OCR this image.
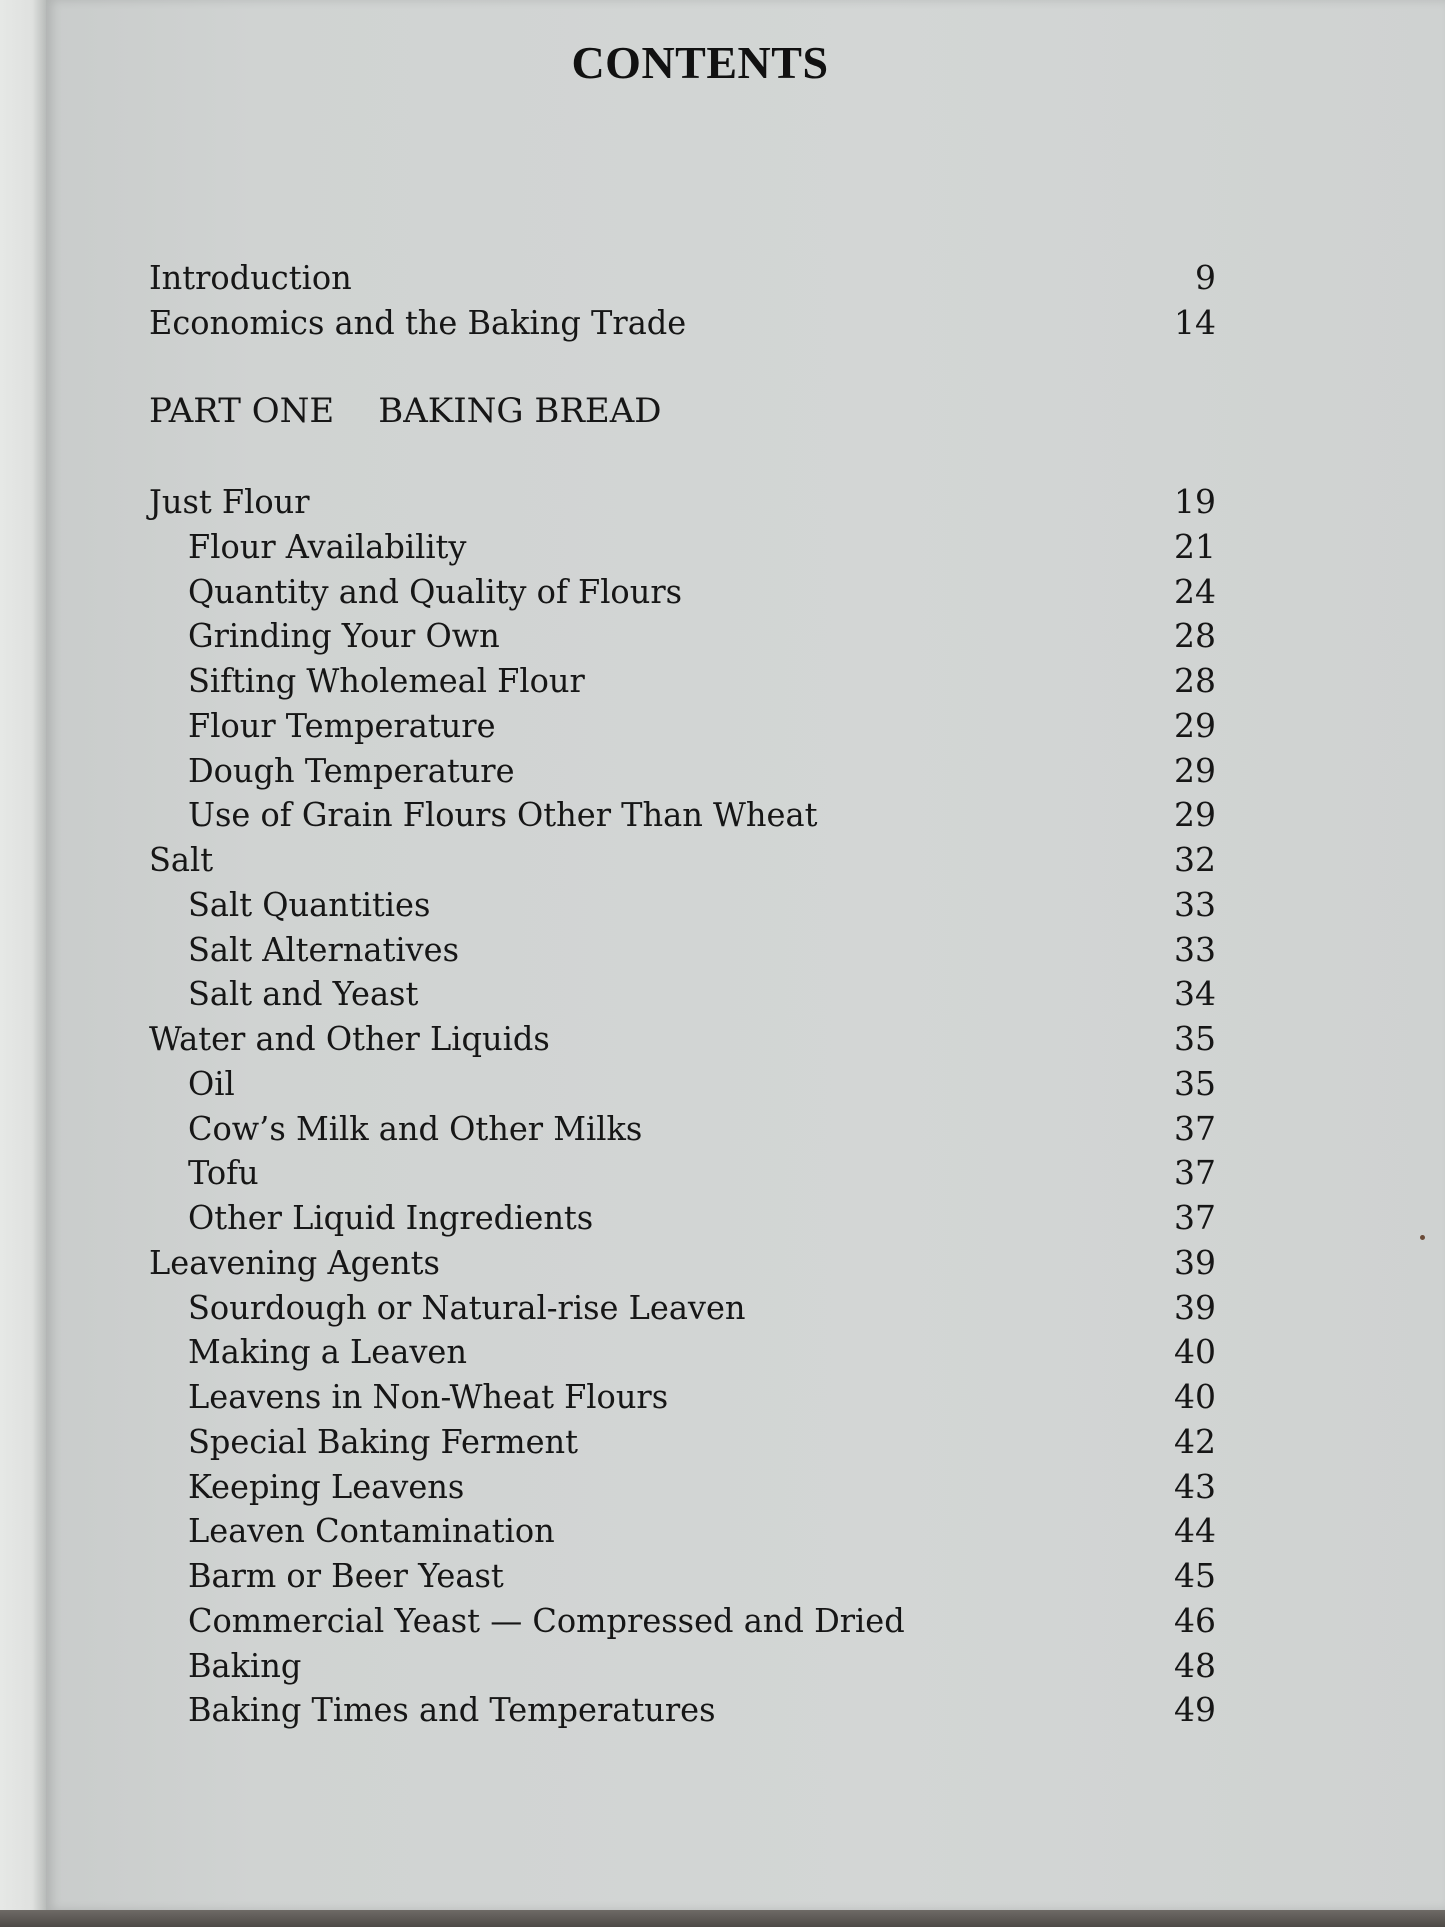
CONTENTS
Introduction	9
Economics and the Baking Trade	14
PART ONE BAKING BREAD
Just Flour	19
Flour Availability	21
Quantity and Quality of Flours	24
Grinding Your Own	28
Sifting Wholemeal Flour	28
Flour Temperature	29
Dough Temperature	29
Use of Grain Flours Other Than Wheat	29
Salt	32
Salt Quantities	33
Salt Alternatives	33
Salt and Yeast	34
Water and Other Liquids	35
Oil	35
Cow’s Milk and Other Milks	37
Tofu	37
Other Liquid Ingredients	37
Leavening Agents	39
Sourdough or Natural-rise Leaven	39
Making a Leaven	40
Leavens in Non-Wheat Flours	40
Special Baking Ferment	42
Keeping Leavens	43
Leaven Contamination	44
Barm or Beer Yeast	45
Commercial Yeast — Compressed and Dried	46
Baking	48
Baking Times and Temperatures	49
